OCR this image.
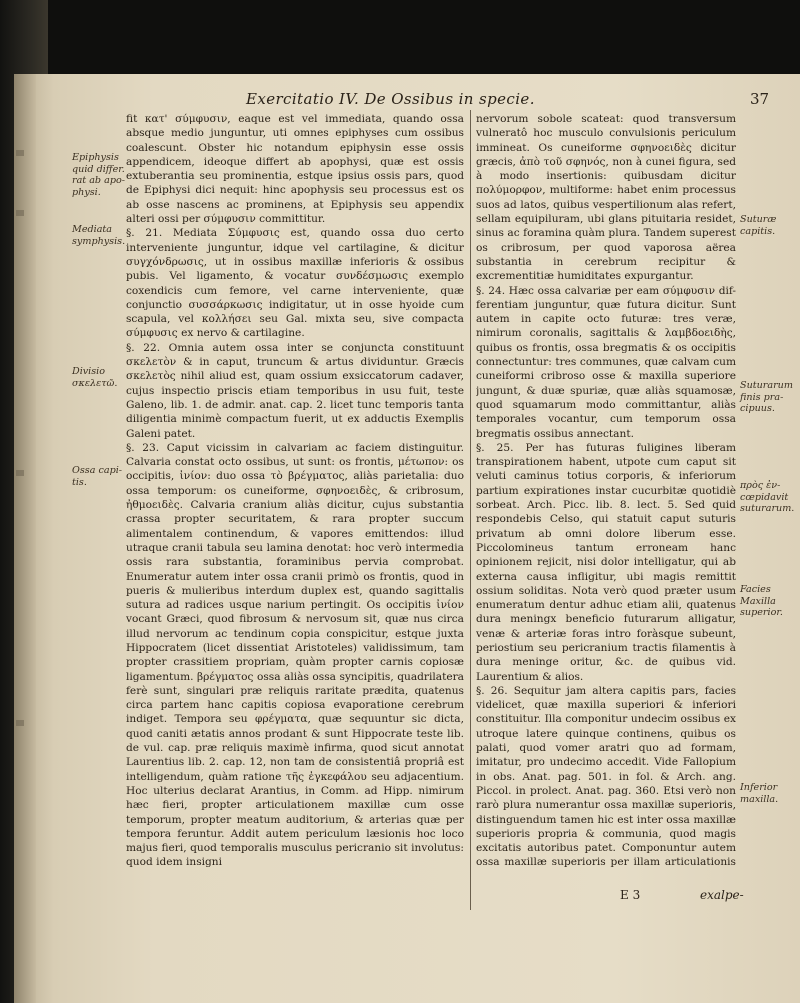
Exercitatio IV. De Ossibus in specie.	37
Epiphysis quid differ. rat ab apo-physi.
Mediata symphysis.
Divisio σκελετῶ.
Ossa capi-tis.
Suturæ capitis.
Suturarum finis pra-cipuus.
πρὸς ἐν-cœpidavit suturarum.
Facies Maxilla superior.
Inferior maxilla.

fit κατ' σύμφυσιν, eaque est vel immediata, quando ossa absque medio junguntur, uti omnes epiphyses cum ossibus coalescunt. Obster hic notandum epiphysin esse ossis appendicem, ideoque differt ab apophysi, quæ est ossis extuberantia seu prominentia, estque ipsius ossis pars, quod de Epiphysi dici nequit: hinc apophysis seu processus est os ab osse nascens ac prominens, at Epiphysis seu appendix alteri ossi per σύμφυσιν committitur.

§. 21. Mediata Σύμφυσις est, quando ossa duo certo interveniente junguntur, idque vel cartilagine, & dicitur συγχόνδρωσις, ut in ossibus maxillæ inferioris & ossibus pubis. Vel ligamento, & vocatur συνδέσμωσις exemplo coxendicis cum femore, vel carne interveniente, quæ conjunctio συσσάρκωσις indigitatur, ut in osse hyoide cum scapula, vel κολλήσει seu Gal. mixta seu, sive compacta σύμφυσις ex nervo & cartilagine.

§. 22. Omnia autem ossa inter se conjuncta constituunt σκελετὸν & in caput, truncum & artus dividuntur. Græcis σκελετὸς nihil aliud est, quam ossium exsiccatorum cadaver, cujus inspectio priscis etiam temporibus in usu fuit, teste Galeno, lib. 1. de admir. anat. cap. 2. licet tunc temporis tanta diligentia minimè compactum fuerit, ut ex adductis Exemplis Galeni patet.

§. 23. Caput vicissim in calvariam ac faciem distinguitur. Calvaria constat octo ossibus, ut sunt: os frontis, μέτωπον: os occipitis, ἰνίον: duo ossa τὸ βρέγματος, aliàs parietalia: duo ossa temporum: os cuneiforme, σφηνοειδὲς, & cribrosum, ἠθμοειδὲς. Calvaria cranium aliàs dicitur, cujus substantia crassa propter securitatem, & rara propter succum alimentalem continendum, & vapores emittendos: illud utraque cranii tabula seu lamina denotat: hoc verò intermedia ossis rara substantia, foraminibus pervia comprobat. Enumeratur autem inter ossa cranii primò os frontis, quod in pueris & mulieribus interdum duplex est, quando sagittalis sutura ad radices usque narium pertingit. Os occipitis ἰνίον vocant Græci, quod fibrosum & nervosum sit, quæ nus circa illud nervorum ac tendinum copia conspicitur, estque juxta Hippocratem (licet dissentiat Aristoteles) validissimum, tam propter crassitiem propriam, quàm propter carnis copiosæ ligamentum. βρέγματος ossa aliàs ossa syncipitis, quadrilatera ferè sunt, singulari præ reliquis raritate prædita, quatenus circa partem hanc capitis copiosa evaporatione cerebrum indiget. Tempora seu φρέγματα, quæ sequuntur sic dicta, quod caniti ætatis annos prodant & sunt Hippocrate teste lib. de vul. cap. præ reliquis maximè infirma, quod sicut annotat Laurentius lib. 2. cap. 12, non tam de consistentiâ propriâ est intelligendum, quàm ratione τῆς ἐγκεφάλου seu adjacentium. Hoc ulterius declarat Arantius, in Comm. ad Hipp. nimirum hæc fieri, propter articulationem maxillæ cum osse temporum, propter meatum auditorium, & arterias quæ per tempora feruntur. Addit autem periculum læsionis hoc loco majus fieri, quod temporalis musculus pericranio sit involutus: quod idem insigni

nervorum sobole scateat: quod transversum vulneratô hoc musculo convulsionis periculum immineat. Os cuneiforme σφηνοειδὲς dicitur græcis, ἀπὸ τοῦ σφηνός, non à cunei figura, sed à modo insertionis: quibusdam dicitur πολύμορφον, multiforme: habet enim processus suos ad latos, quibus vespertilionum alas refert, sellam equipiluram, ubi glans pituitaria residet, sinus ac foramina quàm plura. Tandem superest os cribrosum, per quod vaporosa aërea substantia in cerebrum recipitur & excrementitiæ humiditates expurgantur.

§. 24. Hæc ossa calvariæ per eam σύμφυσιν dif- ferentiam junguntur, quæ futura dicitur. Sunt autem in capite octo futuræ: tres veræ, nimirum coronalis, sagittalis & λαμβδοειδὴς, quibus os frontis, ossa bregmatis & os occipitis connectuntur: tres communes, quæ calvam cum cuneiformi cribroso osse & maxilla superiore jungunt, & duæ spuriæ, quæ aliàs squamosæ, quod squamarum modo committantur, aliàs temporales vocantur, cum temporum ossa bregmatis ossibus annectant.

§. 25. Per has futuras fuligines liberam transpirationem habent, utpote cum caput sit veluti caminus totius corporis, & inferiorum partium expirationes instar cucurbitæ quotidiè sorbeat. Arch. Picc. lib. 8. lect. 5. Sed quid respondebis Celso, qui statuit caput suturis privatum ab omni dolore liberum esse. Piccolomineus tantum erroneam hanc opinionem rejicit, nisi dolor intelligatur, qui ab externa causa infligitur, ubi magis remittit ossium soliditas. Nota verò quod præter usum enumeratum dentur adhuc etiam alii, quatenus dura meningx beneficio futurarum alligatur, venæ & arteriæ foras intro foràsque subeunt, periostium seu pericranium tractis filamentis à dura meninge oritur, &c. de quibus vid. Laurentium & alios.

§. 26. Sequitur jam altera capitis pars, facies videlicet, quæ maxilla superiori & inferiori constituitur. Illa componitur undecim ossibus ex utroque latere quinque continens, quibus os palati, quod vomer aratri quo ad formam, imitatur, pro undecimo accedit. Vide Fallopium in obs. Anat. pag. 501. in fol. & Arch. ang. Piccol. in prolect. Anat. pag. 360. Etsi verò non rarò plura numerantur ossa maxillæ superioris, distinguendum tamen hic est inter ossa maxillæ superioris propria & communia, quod magis excitatis autoribus patet. Componuntur autem ossa maxillæ superioris per illam articulationis

E 3	exalpe-
